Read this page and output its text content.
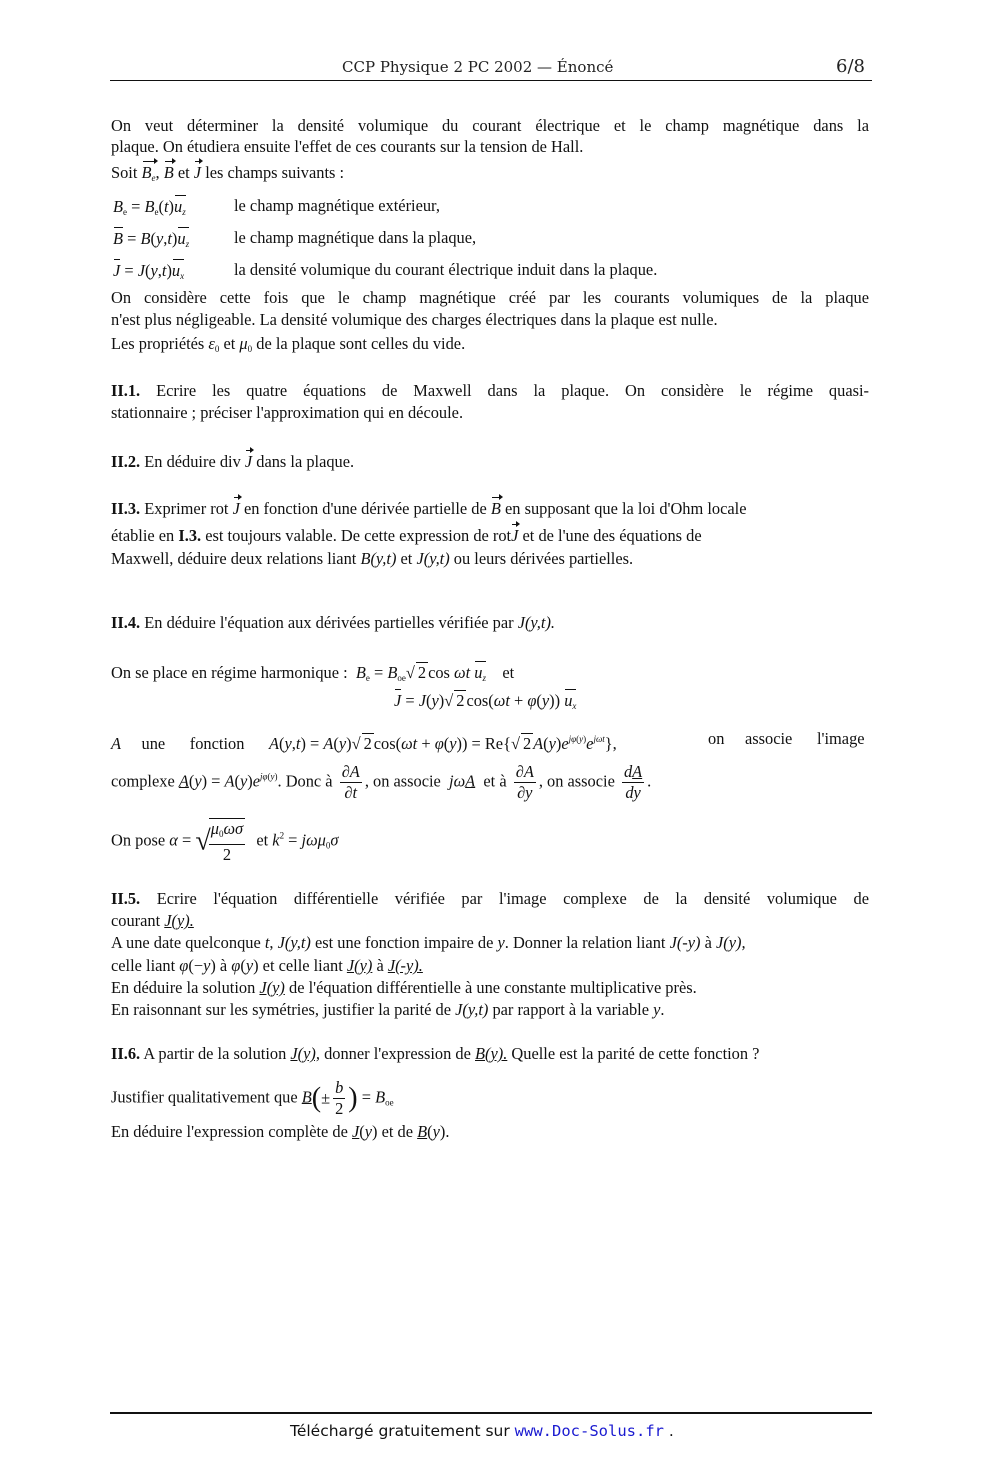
CCP Physique 2 PC 2002 — Énoncé	6/8
On veut déterminer la densité volumique du courant électrique et le champ magnétique dans la
plaque. On étudiera ensuite l'effet de ces courants sur la tension de Hall.
Soit $B_e$, B et J les champs suivants :
$B_e = B_e(t)u_z$	le champ magnétique extérieur,
$B = B(y,t)u_z$	le champ magnétique dans la plaque,
$J = J(y,t)u_x$	la densité volumique du courant électrique induit dans la plaque.
On considère cette fois que le champ magnétique créé par les courants volumiques de la plaque
n'est plus négligeable. La densité volumique des charges électriques dans la plaque est nulle.
Les propriétés $\varepsilon_0$ et $\mu_0$ de la plaque sont celles du vide.
II.1. Ecrire les quatre équations de Maxwell dans la plaque. On considère le régime quasi-
stationnaire ; préciser l'approximation qui en découle.
II.2. En déduire div J dans la plaque.
II.3. Exprimer rot J en fonction d'une dérivée partielle de B en supposant que la loi d'Ohm locale
établie en I.3. est toujours valable. De cette expression de rotJ et de l'une des équations de
Maxwell, déduire deux relations liant B(y,t) et J(y,t) ou leurs dérivées partielles.
II.4. En déduire l'équation aux dérivées partielles vérifiée par J(y,t).
On se place en régime harmonique : $B_e = B_{oe}√$ 2 cos ωt $u_z$ et
J = J(y)√ 2 cos(ωt + φ(y)) $u_x$
A une fonction A(y,t) = A(y)√ 2 cos(ωt + φ(y)) = Re{√ 2 $A(y)e^{j\varphi(y)}e^{j\omega t}$},	on associe l'image
complexe $A(y) = A(y)e^{j\varphi(y)}$. Donc à $\frac{\partial A}{\partial t}$ , on associe jωA et à $\frac{\partial A}{\partial y}$ , on associe $\frac{dA}{dy}$ .
On pose α = √
$\frac{\mu_0\omega\sigma}{2}$ et $k^2 = j\omega\mu_0\sigma$
II.5. Ecrire l'équation différentielle vérifiée par l'image complexe de la densité volumique de
courant J(y).
A une date quelconque t, J(y,t) est une fonction impaire de y. Donner la relation liant J(-y) à J(y),
celle liant φ(−y) à φ(y) et celle liant J(y) à J(-y).
En déduire la solution J(y) de l'équation différentielle à une constante multiplicative près.
En raisonnant sur les symétries, justifier la parité de J(y,t) par rapport à la variable y.
II.6. A partir de la solution J(y), donner l'expression de B(y). Quelle est la parité de cette fonction ?
Justifier qualitativement que $B(\pm \frac{b}{2}$ ) = $B_{oe}$
En déduire l'expression complète de J(y) et de B(y).
Téléchargé gratuitement sur www.Doc-Solus.fr .
